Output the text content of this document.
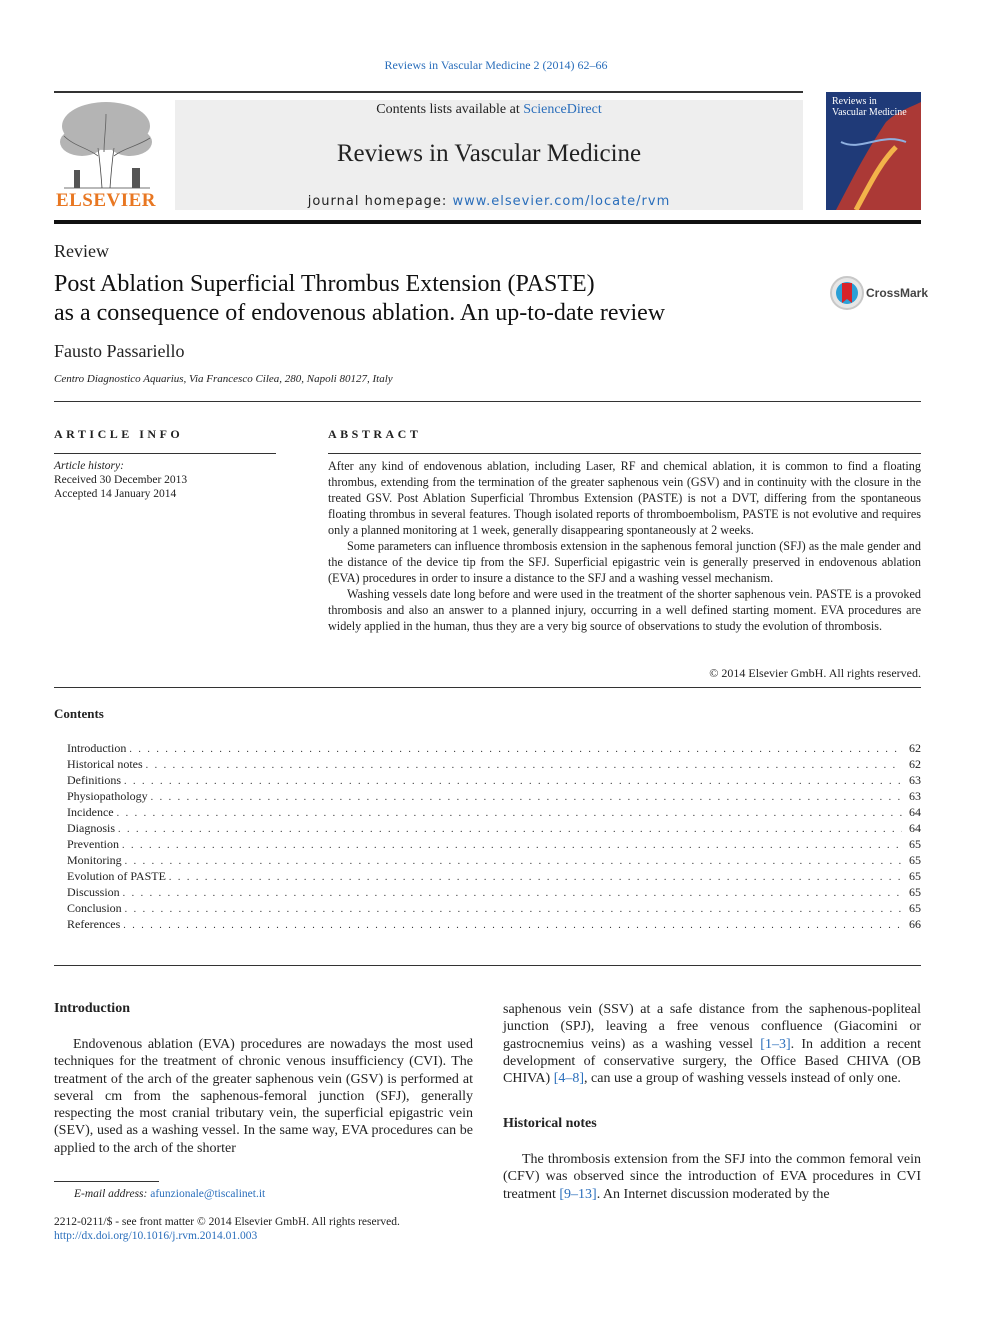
Reviews in Vascular Medicine 2 (2014) 62–66
ELSEVIER
Contents lists available at ScienceDirect
Reviews in Vascular Medicine
journal homepage: www.elsevier.com/locate/rvm
Reviews in
Vascular Medicine
Review
Post Ablation Superficial Thrombus Extension (PASTE)
as a consequence of endovenous ablation. An up-to-date review
CrossMark
Fausto Passariello
Centro Diagnostico Aquarius, Via Francesco Cilea, 280, Napoli 80127, Italy
ARTICLE INFO
Article history:
Received 30 December 2013
Accepted 14 January 2014
ABSTRACT

After any kind of endovenous ablation, including Laser, RF and chemical ablation, it is common to find a floating thrombus, extending from the termination of the greater saphenous vein (GSV) and in continuity with the closure in the treated GSV. Post Ablation Superficial Thrombus Extension (PASTE) is not a DVT, differing from the spontaneous floating thrombus in several features. Though isolated reports of thromboembolism, PASTE is not evolutive and requires only a planned monitoring at 1 week, generally disappearing spontaneously at 2 weeks.

Some parameters can influence thrombosis extension in the saphenous femoral junction (SFJ) as the male gender and the distance of the device tip from the SFJ. Superficial epigastric vein is generally preserved in endovenous ablation (EVA) procedures in order to insure a distance to the SFJ and a washing vessel mechanism.

Washing vessels date long before and were used in the treatment of the shorter saphenous vein. PASTE is a provoked thrombosis and also an answer to a planned injury, occurring in a well defined starting moment. EVA procedures are widely applied in the human, thus they are a very big source of observations to study the evolution of thrombosis.

© 2014 Elsevier GmbH. All rights reserved.
Contents
Introduction . . .	62
Historical notes . . .	62
Definitions . . .	63
Physiopathology . . .	63
Incidence . . .	64
Diagnosis . . .	64
Prevention . . .	65
Monitoring . . .	65
Evolution of PASTE . . .	65
Discussion . . .	65
Conclusion . . .	65
References . . .	66
Introduction

Endovenous ablation (EVA) procedures are nowadays the most used techniques for the treatment of chronic venous insufficiency (CVI). The treatment of the arch of the greater saphenous vein (GSV) is performed at several cm from the saphenous-femoral junction (SFJ), generally respecting the most cranial tributary vein, the superficial epigastric vein (SEV), used as a washing vessel. In the same way, EVA procedures can be applied to the arch of the shorter

saphenous vein (SSV) at a safe distance from the saphenous-popliteal junction (SPJ), leaving a free venous confluence (Giacomini or gastrocnemius veins) as a washing vessel [1–3]. In addition a recent development of conservative surgery, the Office Based CHIVA (OB CHIVA) [4–8], can use a group of washing vessels instead of only one.

Historical notes

The thrombosis extension from the SFJ into the common femoral vein (CFV) was observed since the introduction of EVA procedures in CVI treatment [9–13]. An Internet discussion moderated by the

E-mail address: afunzionale@tiscalinet.it
2212-0211/$ - see front matter © 2014 Elsevier GmbH. All rights reserved.
http://dx.doi.org/10.1016/j.rvm.2014.01.003
